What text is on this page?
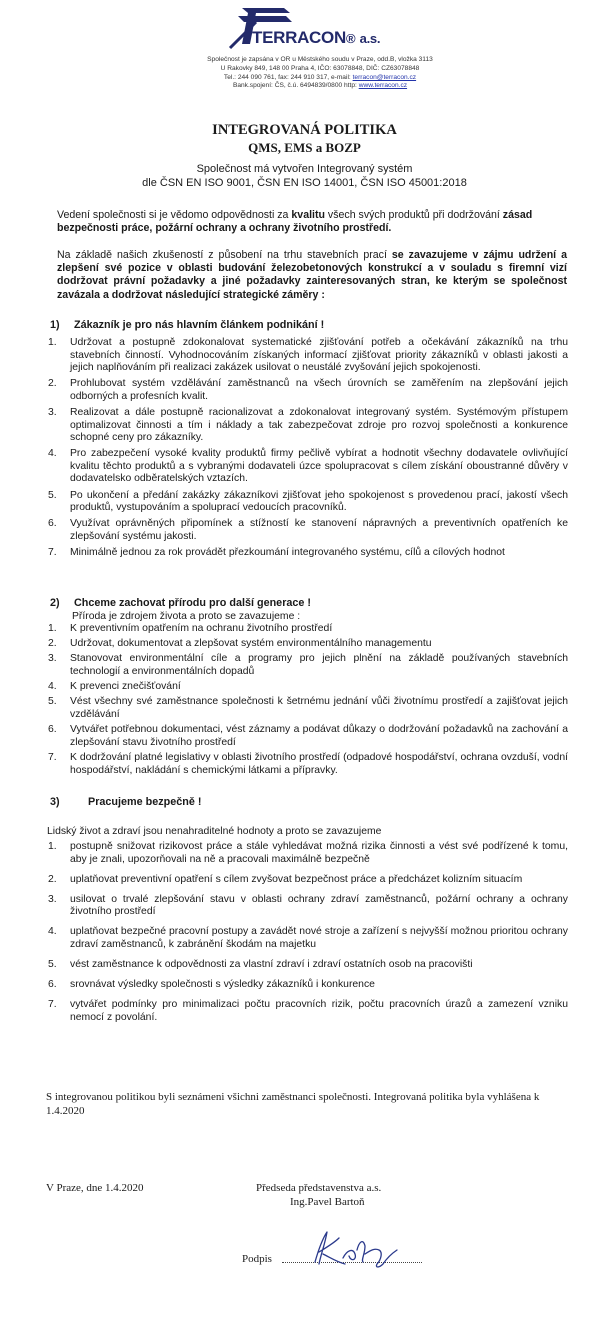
TERRACON® a.s.
Společnost je zapsána v OR u Městského soudu v Praze, odd.B, vložka 3113
U Rakovky 849, 148 00 Praha 4, IČO: 63078848, DIČ: CZ63078848
Tel.: 244 090 761, fax: 244 910 317, e-mail: terracon@terracon.cz
Bank.spojení: ČS, č.ú. 6494839/0800 http: www.terracon.cz
INTEGROVANÁ POLITIKA
QMS, EMS a BOZP
Společnost má vytvořen Integrovaný systém
dle ČSN EN ISO 9001, ČSN EN ISO 14001, ČSN ISO 45001:2018
Vedení společnosti si je vědomo odpovědnosti za kvalitu všech svých produktů při dodržování zásad bezpečnosti práce, požární ochrany a ochrany životního prostředí.
Na základě našich zkušeností z působení na trhu stavebních prací se zavazujeme v zájmu udržení a zlepšení své pozice v oblasti budování železobetonových konstrukcí a v souladu s firemní vizí dodržovat právní požadavky a jiné požadavky zainteresovaných stran, ke kterým se společnost zavázala a dodržovat následující strategické záměry :
1) Zákazník je pro nás hlavním článkem podnikání !
1. Udržovat a postupně zdokonalovat systematické zjišťování potřeb a očekávání zákazníků na trhu stavebních činností. Vyhodnocováním získaných informací zjišťovat priority zákazníků v oblasti jakosti a jejich naplňováním při realizaci zakázek usilovat o neustálé zvyšování jejich spokojenosti.
2. Prohlubovat systém vzdělávání zaměstnanců na všech úrovních se zaměřením na zlepšování jejich odborných a profesních kvalit.
3. Realizovat a dále postupně racionalizovat a zdokonalovat integrovaný systém. Systémovým přístupem optimalizovat činnosti a tím i náklady a tak zabezpečovat zdroje pro rozvoj společnosti a konkurence schopné ceny pro zákazníky.
4. Pro zabezpečení vysoké kvality produktů firmy pečlivě vybírat a hodnotit všechny dodavatele ovlivňující kvalitu těchto produktů a s vybranými dodavateli úzce spolupracovat s cílem získání oboustranné důvěry v dodavatelsko odběratelských vztazích.
5. Po ukončení a předání zakázky zákazníkovi zjišťovat jeho spokojenost s provedenou prací, jakostí všech produktů, vystupováním a spoluprací vedoucích pracovníků.
6. Využívat oprávněných připomínek a stížností ke stanovení nápravných a preventivních opatřeních ke zlepšování systému jakosti.
7. Minimálně jednou za rok provádět přezkoumání integrovaného systému, cílů a cílových hodnot
2) Chceme zachovat přírodu pro další generace !
Příroda je zdrojem života a proto se zavazujeme :
1. K preventivním opatřením na ochranu životního prostředí
2. Udržovat, dokumentovat a zlepšovat systém environmentálního managementu
3. Stanovovat environmentální cíle a programy pro jejich plnění na základě používaných stavebních technologií a environmentálních dopadů
4. K prevenci znečišťování
5. Vést všechny své zaměstnance společnosti k šetrnému jednání vůči životnímu prostředí a zajišťovat jejich vzdělávání
6. Vytvářet potřebnou dokumentaci, vést záznamy a podávat důkazy o dodržování požadavků na zachování a zlepšování stavu životního prostředí
7. K dodržování platné legislativy v oblasti životního prostředí (odpadové hospodářství, ochrana ovzduší, vodní hospodářství, nakládání s chemickými látkami a přípravky.
3)	Pracujeme bezpečně !
Lidský život a zdraví jsou nenahraditelné hodnoty a proto se zavazujeme
1. postupně snižovat rizikovost práce a stále vyhledávat možná rizika činnosti a vést své podřízené k tomu, aby je znali, upozorňovali na ně a pracovali maximálně bezpečně
2. uplatňovat preventivní opatření s cílem zvyšovat bezpečnost práce a předcházet kolizním situacím
3. usilovat o trvalé zlepšování stavu v oblasti ochrany zdraví zaměstnanců, požární ochrany a ochrany životního prostředí
4. uplatňovat bezpečné pracovní postupy a zavádět nové stroje a zařízení s nejvyšší možnou prioritou ochrany zdraví zaměstnanců, k zabránění škodám na majetku
5. vést zaměstnance k odpovědnosti za vlastní zdraví i zdraví ostatních osob na pracovišti
6. srovnávat výsledky společnosti s výsledky zákazníků i konkurence
7. vytvářet podmínky pro minimalizaci počtu pracovních rizik, počtu pracovních úrazů a zamezení vzniku nemocí z povolání.
S integrovanou politikou byli seznámeni všichni zaměstnanci společnosti. Integrovaná politika byla vyhlášena k 1.4.2020
V Praze, dne 1.4.2020	Předseda představenstva a.s.
Ing.Pavel Bartoň
Podpis
